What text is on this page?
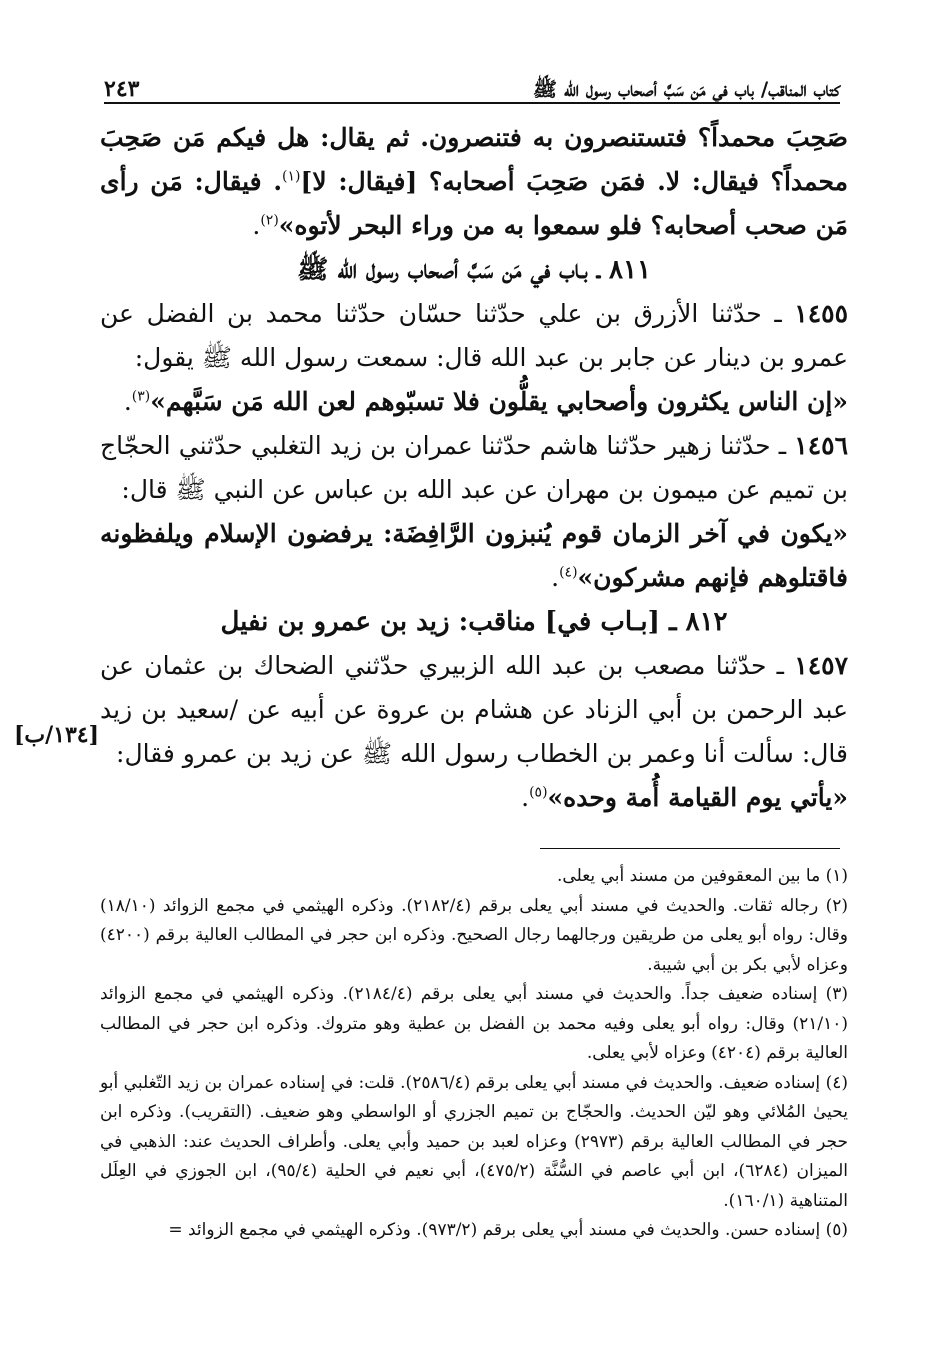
كتاب المناقب/ باب في مَن سَبَّ أصحاب رسول الله ﷺ
٢٤٣

صَحِبَ محمداً؟ فتستنصرون به فتنصرون. ثم يقال: هل فيكم مَن صَحِبَ محمداً؟ فيقال: لا. فمَن صَحِبَ أصحابه؟ [فيقال: لا]$^{(١)}$. فيقال: مَن رأى مَن صحب أصحابه؟ فلو سمعوا به من وراء البحر لأتوه»$^{(٢)}$.

٨١١ ـ بـاب في مَن سَبَّ أصحاب رسول الله ﷺ

١٤٥٥ ـ حدّثنا الأزرق بن علي حدّثنا حسّان حدّثنا محمد بن الفضل عن عمرو بن دينار عن جابر بن عبد الله قال: سمعت رسول الله ﷺ يقول:

«إن الناس يكثرون وأصحابي يقلُّون فلا تسبّوهم لعن الله مَن سَبَّهم»$^{(٣)}$.

١٤٥٦ ـ حدّثنا زهير حدّثنا هاشم حدّثنا عمران بن زيد التغلبي حدّثني الحجّاج بن تميم عن ميمون بن مهران عن عبد الله بن عباس عن النبي ﷺ قال:

«يكون في آخر الزمان قوم يُنبزون الرَّافِضَة: يرفضون الإسلام ويلفظونه فاقتلوهم فإنهم مشركون»$^{(٤)}$.

٨١٢ ـ [بـاب في] مناقب: زيد بن عمرو بن نفيل

١٤٥٧ ـ حدّثنا مصعب بن عبد الله الزبيري حدّثني الضحاك بن عثمان عن عبد الرحمن بن أبي الزناد عن هشام بن عروة عن أبيه عن /سعيد بن زيد قال: سألت أنا وعمر بن الخطاب رسول الله ﷺ عن زيد بن عمرو فقال:

«يأتي يوم القيامة أُمة وحده»$^{(٥)}$.

[١٣٤/ب]

(١) ما بين المعقوفين من مسند أبي يعلى.

(٢) رجاله ثقات. والحديث في مسند أبي يعلى برقم (٢١٨٢/٤). وذكره الهيثمي في مجمع الزوائد (١٨/١٠) وقال: رواه أبو يعلى من طريقين ورجالهما رجال الصحيح. وذكره ابن حجر في المطالب العالية برقم (٤٢٠٠) وعزاه لأبي بكر بن أبي شيبة.

(٣) إسناده ضعيف جداً. والحديث في مسند أبي يعلى برقم (٢١٨٤/٤). وذكره الهيثمي في مجمع الزوائد (٢١/١٠) وقال: رواه أبو يعلى وفيه محمد بن الفضل بن عطية وهو متروك. وذكره ابن حجر في المطالب العالية برقم (٤٢٠٤) وعزاه لأبي يعلى.

(٤) إسناده ضعيف. والحديث في مسند أبي يعلى برقم (٢٥٨٦/٤). قلت: في إسناده عمران بن زيد التّغلبي أبو يحيىٰ المُلائي وهو ليّن الحديث. والحجّاج بن تميم الجزري أو الواسطي وهو ضعيف. (التقريب). وذكره ابن حجر في المطالب العالية برقم (٢٩٧٣) وعزاه لعبد بن حميد وأبي يعلى. وأطراف الحديث عند: الذهبي في الميزان (٦٢٨٤)، ابن أبي عاصم في السُّنَّة (٤٧٥/٢)، أبي نعيم في الحلية (٩٥/٤)، ابن الجوزي في العِلَل المتناهية (١٦٠/١).

(٥) إسناده حسن. والحديث في مسند أبي يعلى برقم (٩٧٣/٢). وذكره الهيثمي في مجمع الزوائد =
